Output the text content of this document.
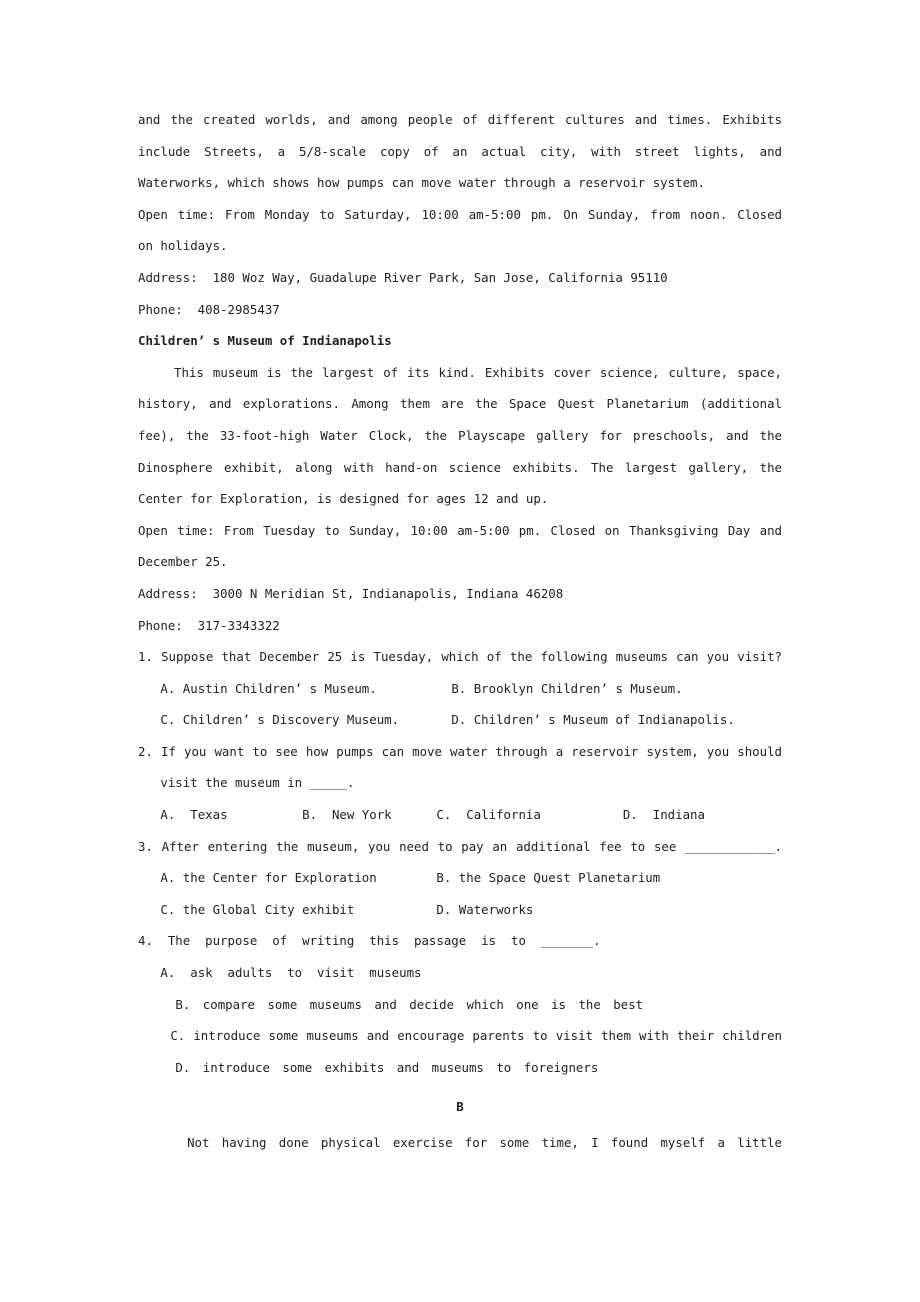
and the created worlds, and among people of different cultures and times. Exhibits
include Streets, a 5/8-scale copy of an actual city, with street lights, and
Waterworks, which shows how pumps can move water through a reservoir system.
Open time: From Monday to Saturday, 10:00 am-5:00 pm. On Sunday, from noon. Closed
on holidays.
Address:  180 Woz Way, Guadalupe River Park, San Jose, California 95110
Phone:  408-2985437
Children’ s Museum of Indianapolis
This museum is the largest of its kind. Exhibits cover science, culture, space,
history, and explorations. Among them are the Space Quest Planetarium (additional
fee), the 33-foot-high Water Clock, the Playscape gallery for preschools, and the
Dinosphere exhibit, along with hand-on science exhibits. The largest gallery, the
Center for Exploration, is designed for ages 12 and up.
Open time: From Tuesday to Sunday, 10:00 am-5:00 pm. Closed on Thanksgiving Day and
December 25.
Address:  3000 N Meridian St, Indianapolis, Indiana 46208
Phone:  317-3343322
1. Suppose that December 25 is Tuesday, which of the following museums can you visit?
A. Austin Children’ s Museum.          B. Brooklyn Children’ s Museum.
C. Children’ s Discovery Museum.       D. Children’ s Museum of Indianapolis.
2. If you want to see how pumps can move water through a reservoir system, you should
visit the museum in _____.
A.  Texas          B.  New York      C.  California           D.  Indiana
3. After entering the museum, you need to pay an additional fee to see ____________.
A. the Center for Exploration        B. the Space Quest Planetarium
C. the Global City exhibit           D. Waterworks
4.  The  purpose  of  writing  this  passage  is  to  _______.
A.  ask  adults  to  visit  museums
B. compare some museums and decide which one is the best
C. introduce some museums and encourage parents to visit them with their children
D. introduce some exhibits and museums to foreigners
B
Not having done physical exercise for some time, I found myself a little
